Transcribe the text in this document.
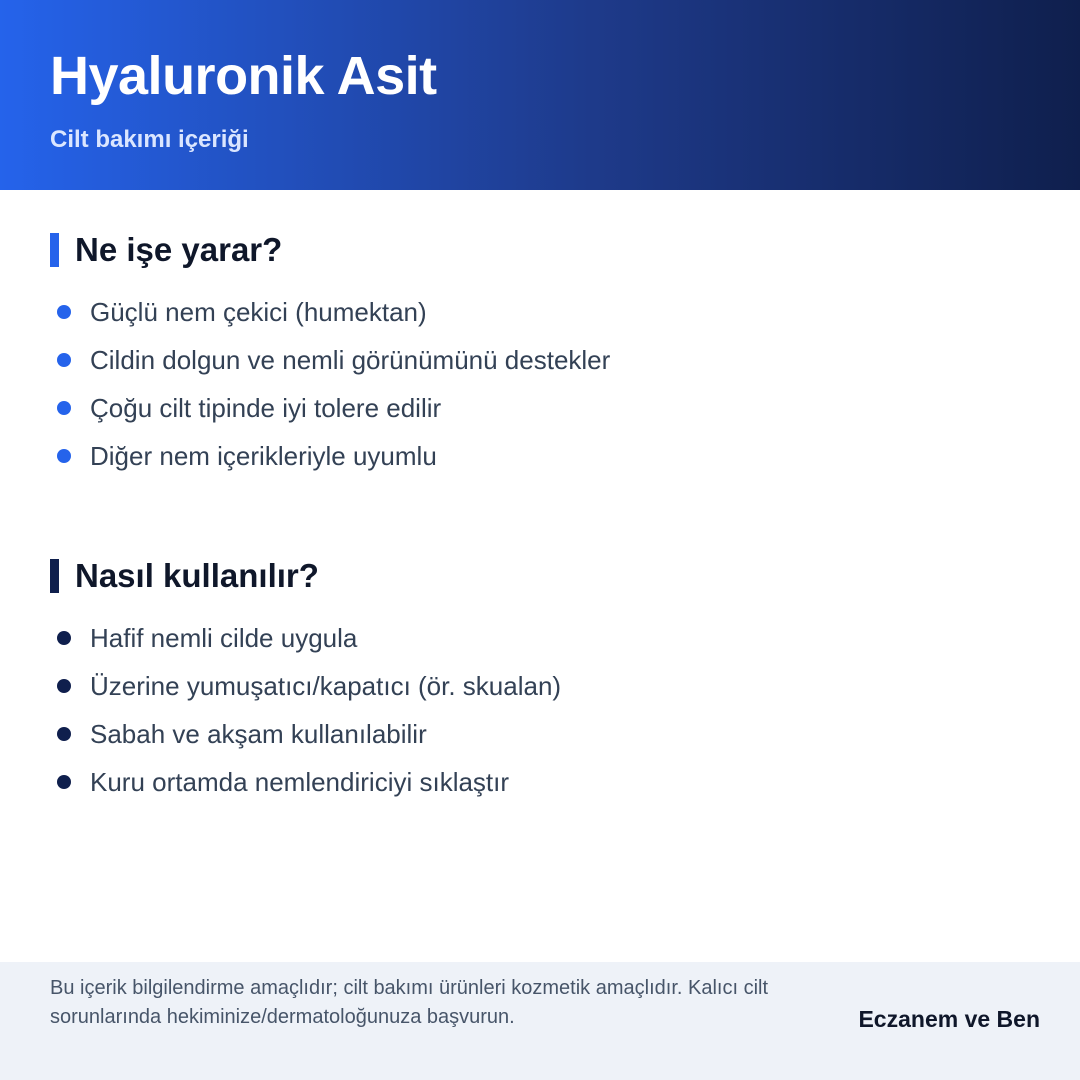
Hyaluronik Asit
Cilt bakımı içeriği
Ne işe yarar?
Güçlü nem çekici (humektan)
Cildin dolgun ve nemli görünümünü destekler
Çoğu cilt tipinde iyi tolere edilir
Diğer nem içerikleriyle uyumlu
Nasıl kullanılır?
Hafif nemli cilde uygula
Üzerine yumuşatıcı/kapatıcı (ör. skualan)
Sabah ve akşam kullanılabilir
Kuru ortamda nemlendiriciyi sıklaştır
Bu içerik bilgilendirme amaçlıdır; cilt bakımı ürünleri kozmetik amaçlıdır. Kalıcı cilt sorunlarında hekiminize/dermatoloğunuza başvurun.	Eczanem ve Ben
